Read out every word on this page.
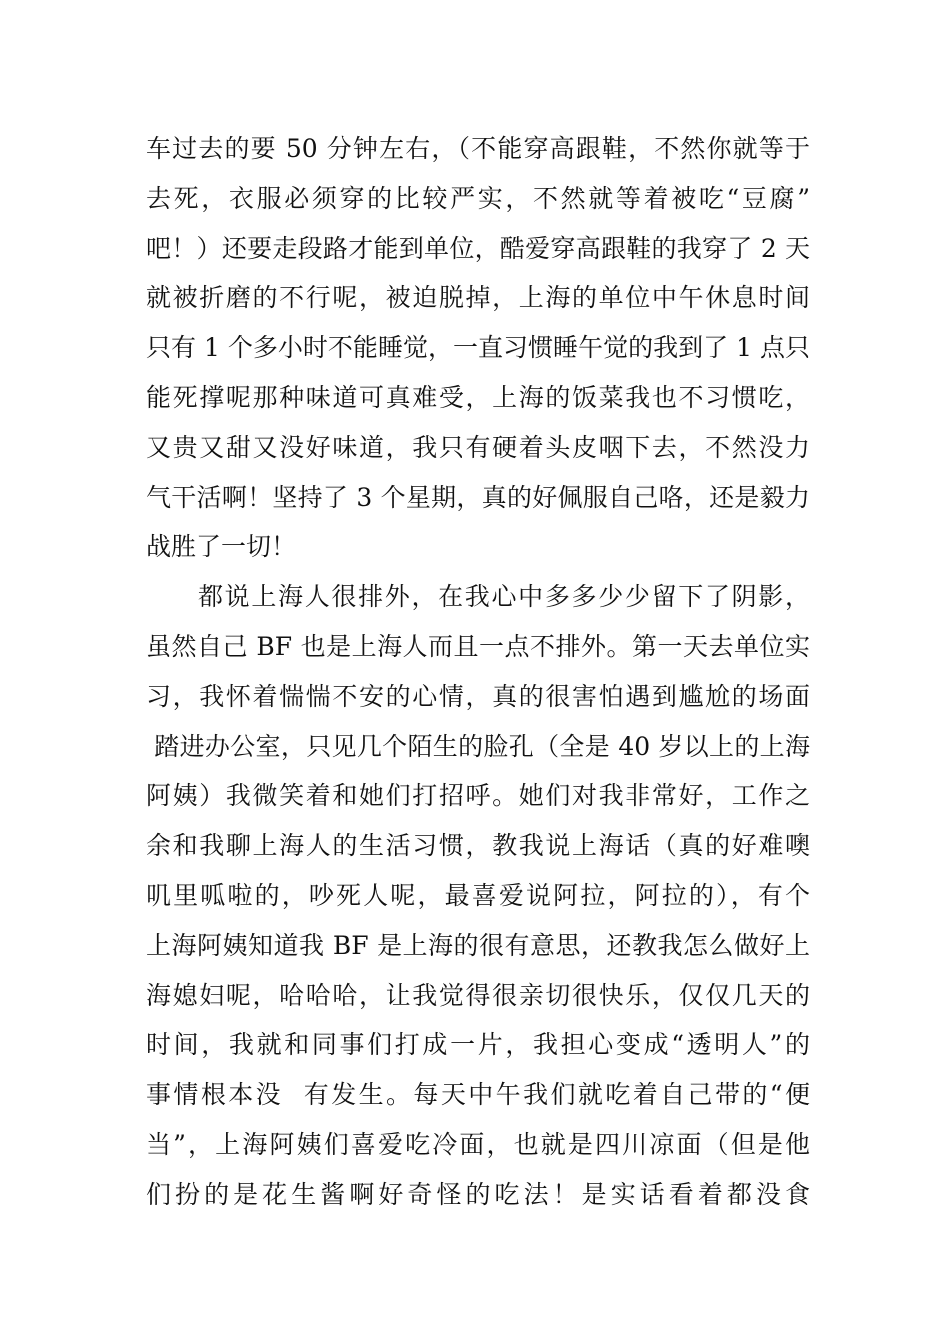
车过去的要 50 分钟左右，（不能穿高跟鞋，不然你就等于
去死，衣服必须穿的比较严实，不然就等着被吃“豆腐”
吧！）还要走段路才能到单位，酷爱穿高跟鞋的我穿了 2 天
就被折磨的不行呢，被迫脱掉，上海的单位中午休息时间
只有 1 个多小时不能睡觉，一直习惯睡午觉的我到了 1 点只
能死撑呢那种味道可真难受，上海的饭菜我也不习惯吃，
又贵又甜又没好味道，我只有硬着头皮咽下去，不然没力
气干活啊！坚持了 3 个星期，真的好佩服自己咯，还是毅力
战胜了一切！
都说上海人很排外，在我心中多多少少留下了阴影，
虽然自己 BF 也是上海人而且一点不排外。第一天去单位实
习，我怀着惴惴不安的心情，真的很害怕遇到尴尬的场面
踏进办公室，只见几个陌生的脸孔（全是 40 岁以上的上海
阿姨）我微笑着和她们打招呼。她们对我非常好，工作之
余和我聊上海人的生活习惯，教我说上海话（真的好难噢
叽里呱啦的，吵死人呢，最喜爱说阿拉，阿拉的），有个
上海阿姨知道我 BF 是上海的很有意思，还教我怎么做好上
海媳妇呢，哈哈哈，让我觉得很亲切很快乐，仅仅几天的
时间，我就和同事们打成一片，我担心变成“透明人”的
事情根本没  有发生。每天中午我们就吃着自己带的“便
当”，上海阿姨们喜爱吃冷面，也就是四川凉面（但是他
们扮的是花生酱啊好奇怪的吃法！是实话看着都没食
